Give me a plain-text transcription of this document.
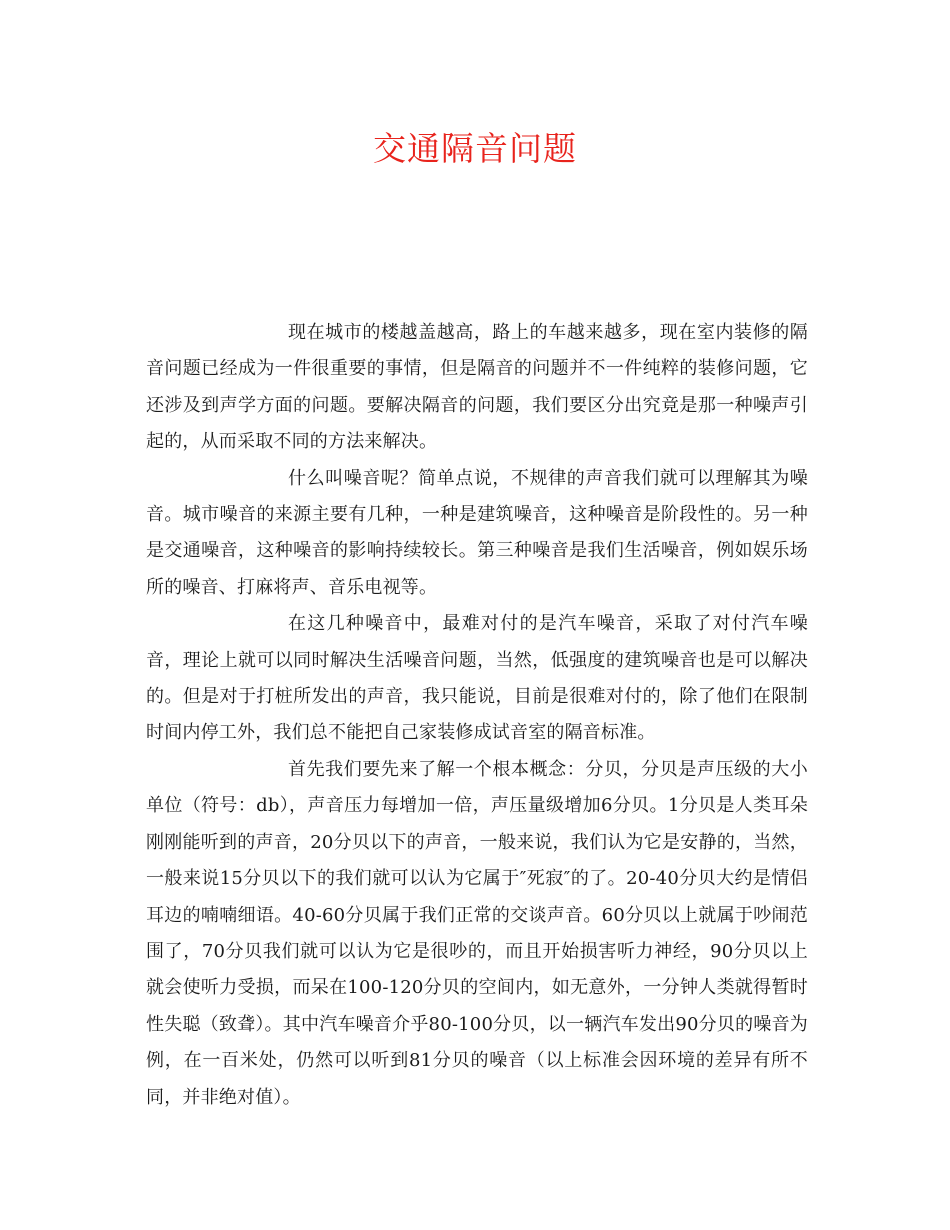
交通隔音问题

现在城市的楼越盖越高，路上的车越来越多，现在室内装修的隔音问题已经成为一件很重要的事情，但是隔音的问题并不一件纯粹的装修问题，它还涉及到声学方面的问题。要解决隔音的问题，我们要区分出究竟是那一种噪声引起的，从而采取不同的方法来解决。

什么叫噪音呢？简单点说，不规律的声音我们就可以理解其为噪音。城市噪音的来源主要有几种，一种是建筑噪音，这种噪音是阶段性的。另一种是交通噪音，这种噪音的影响持续较长。第三种噪音是我们生活噪音，例如娱乐场所的噪音、打麻将声、音乐电视等。

在这几种噪音中，最难对付的是汽车噪音，采取了对付汽车噪音，理论上就可以同时解决生活噪音问题，当然，低强度的建筑噪音也是可以解决的。但是对于打桩所发出的声音，我只能说，目前是很难对付的，除了他们在限制时间内停工外，我们总不能把自己家装修成试音室的隔音标准。

首先我们要先来了解一个根本概念：分贝，分贝是声压级的大小单位（符号：db），声音压力每增加一倍，声压量级增加6分贝。1分贝是人类耳朵刚刚能听到的声音，20分贝以下的声音，一般来说，我们认为它是安静的，当然，一般来说15分贝以下的我们就可以认为它属于″死寂″的了。20-40分贝大约是情侣耳边的喃喃细语。40-60分贝属于我们正常的交谈声音。60分贝以上就属于吵闹范围了，70分贝我们就可以认为它是很吵的，而且开始损害听力神经，90分贝以上就会使听力受损，而呆在100-120分贝的空间内，如无意外，一分钟人类就得暂时性失聪（致聋）。其中汽车噪音介乎80-100分贝，以一辆汽车发出90分贝的噪音为例，在一百米处，仍然可以听到81分贝的噪音（以上标准会因环境的差异有所不同，并非绝对值）。
